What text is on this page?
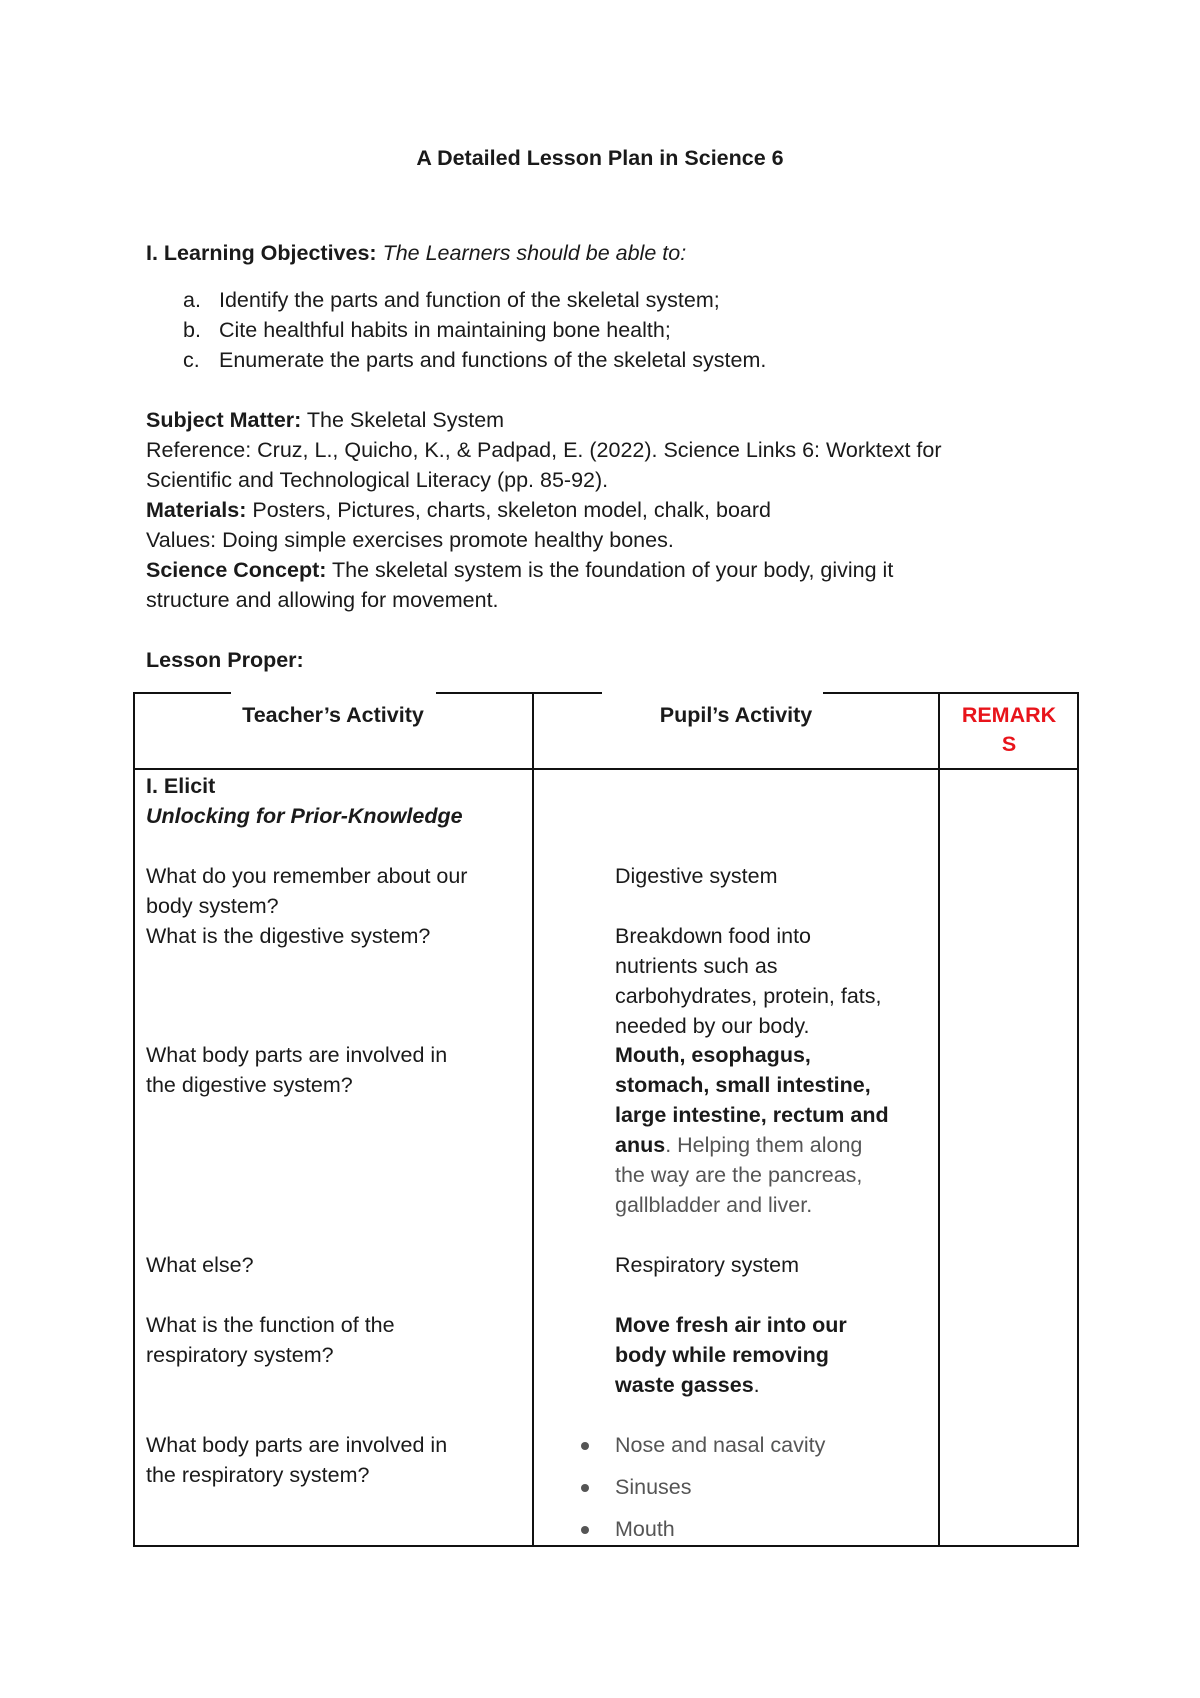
A Detailed Lesson Plan in Science 6
I. Learning Objectives: The Learners should be able to:
a. Identify the parts and function of the skeletal system;
b. Cite healthful habits in maintaining bone health;
c. Enumerate the parts and functions of the skeletal system.
Subject Matter: The Skeletal System
Reference: Cruz, L., Quicho, K., & Padpad, E. (2022). Science Links 6: Worktext for
Scientific and Technological Literacy (pp. 85-92).
Materials: Posters, Pictures, charts, skeleton model, chalk, board
Values: Doing simple exercises promote healthy bones.
Science Concept: The skeletal system is the foundation of your body, giving it
structure and allowing for movement.
Lesson Proper:
Teacher’s Activity	Pupil’s Activity	REMARK
S
I. Elicit
Unlocking for Prior-Knowledge
What do you remember about our
body system?
What is the digestive system?
What body parts are involved in
the digestive system?
What else?
What is the function of the
respiratory system?
What body parts are involved in
the respiratory system?
Digestive system
Breakdown food into
nutrients such as
carbohydrates, protein, fats,
needed by our body.
Mouth, esophagus,
stomach, small intestine,
large intestine, rectum and
anus. Helping them along
the way are the pancreas,
gallbladder and liver.
Respiratory system
Move fresh air into our
body while removing
waste gasses.
Nose and nasal cavity
Sinuses
Mouth
